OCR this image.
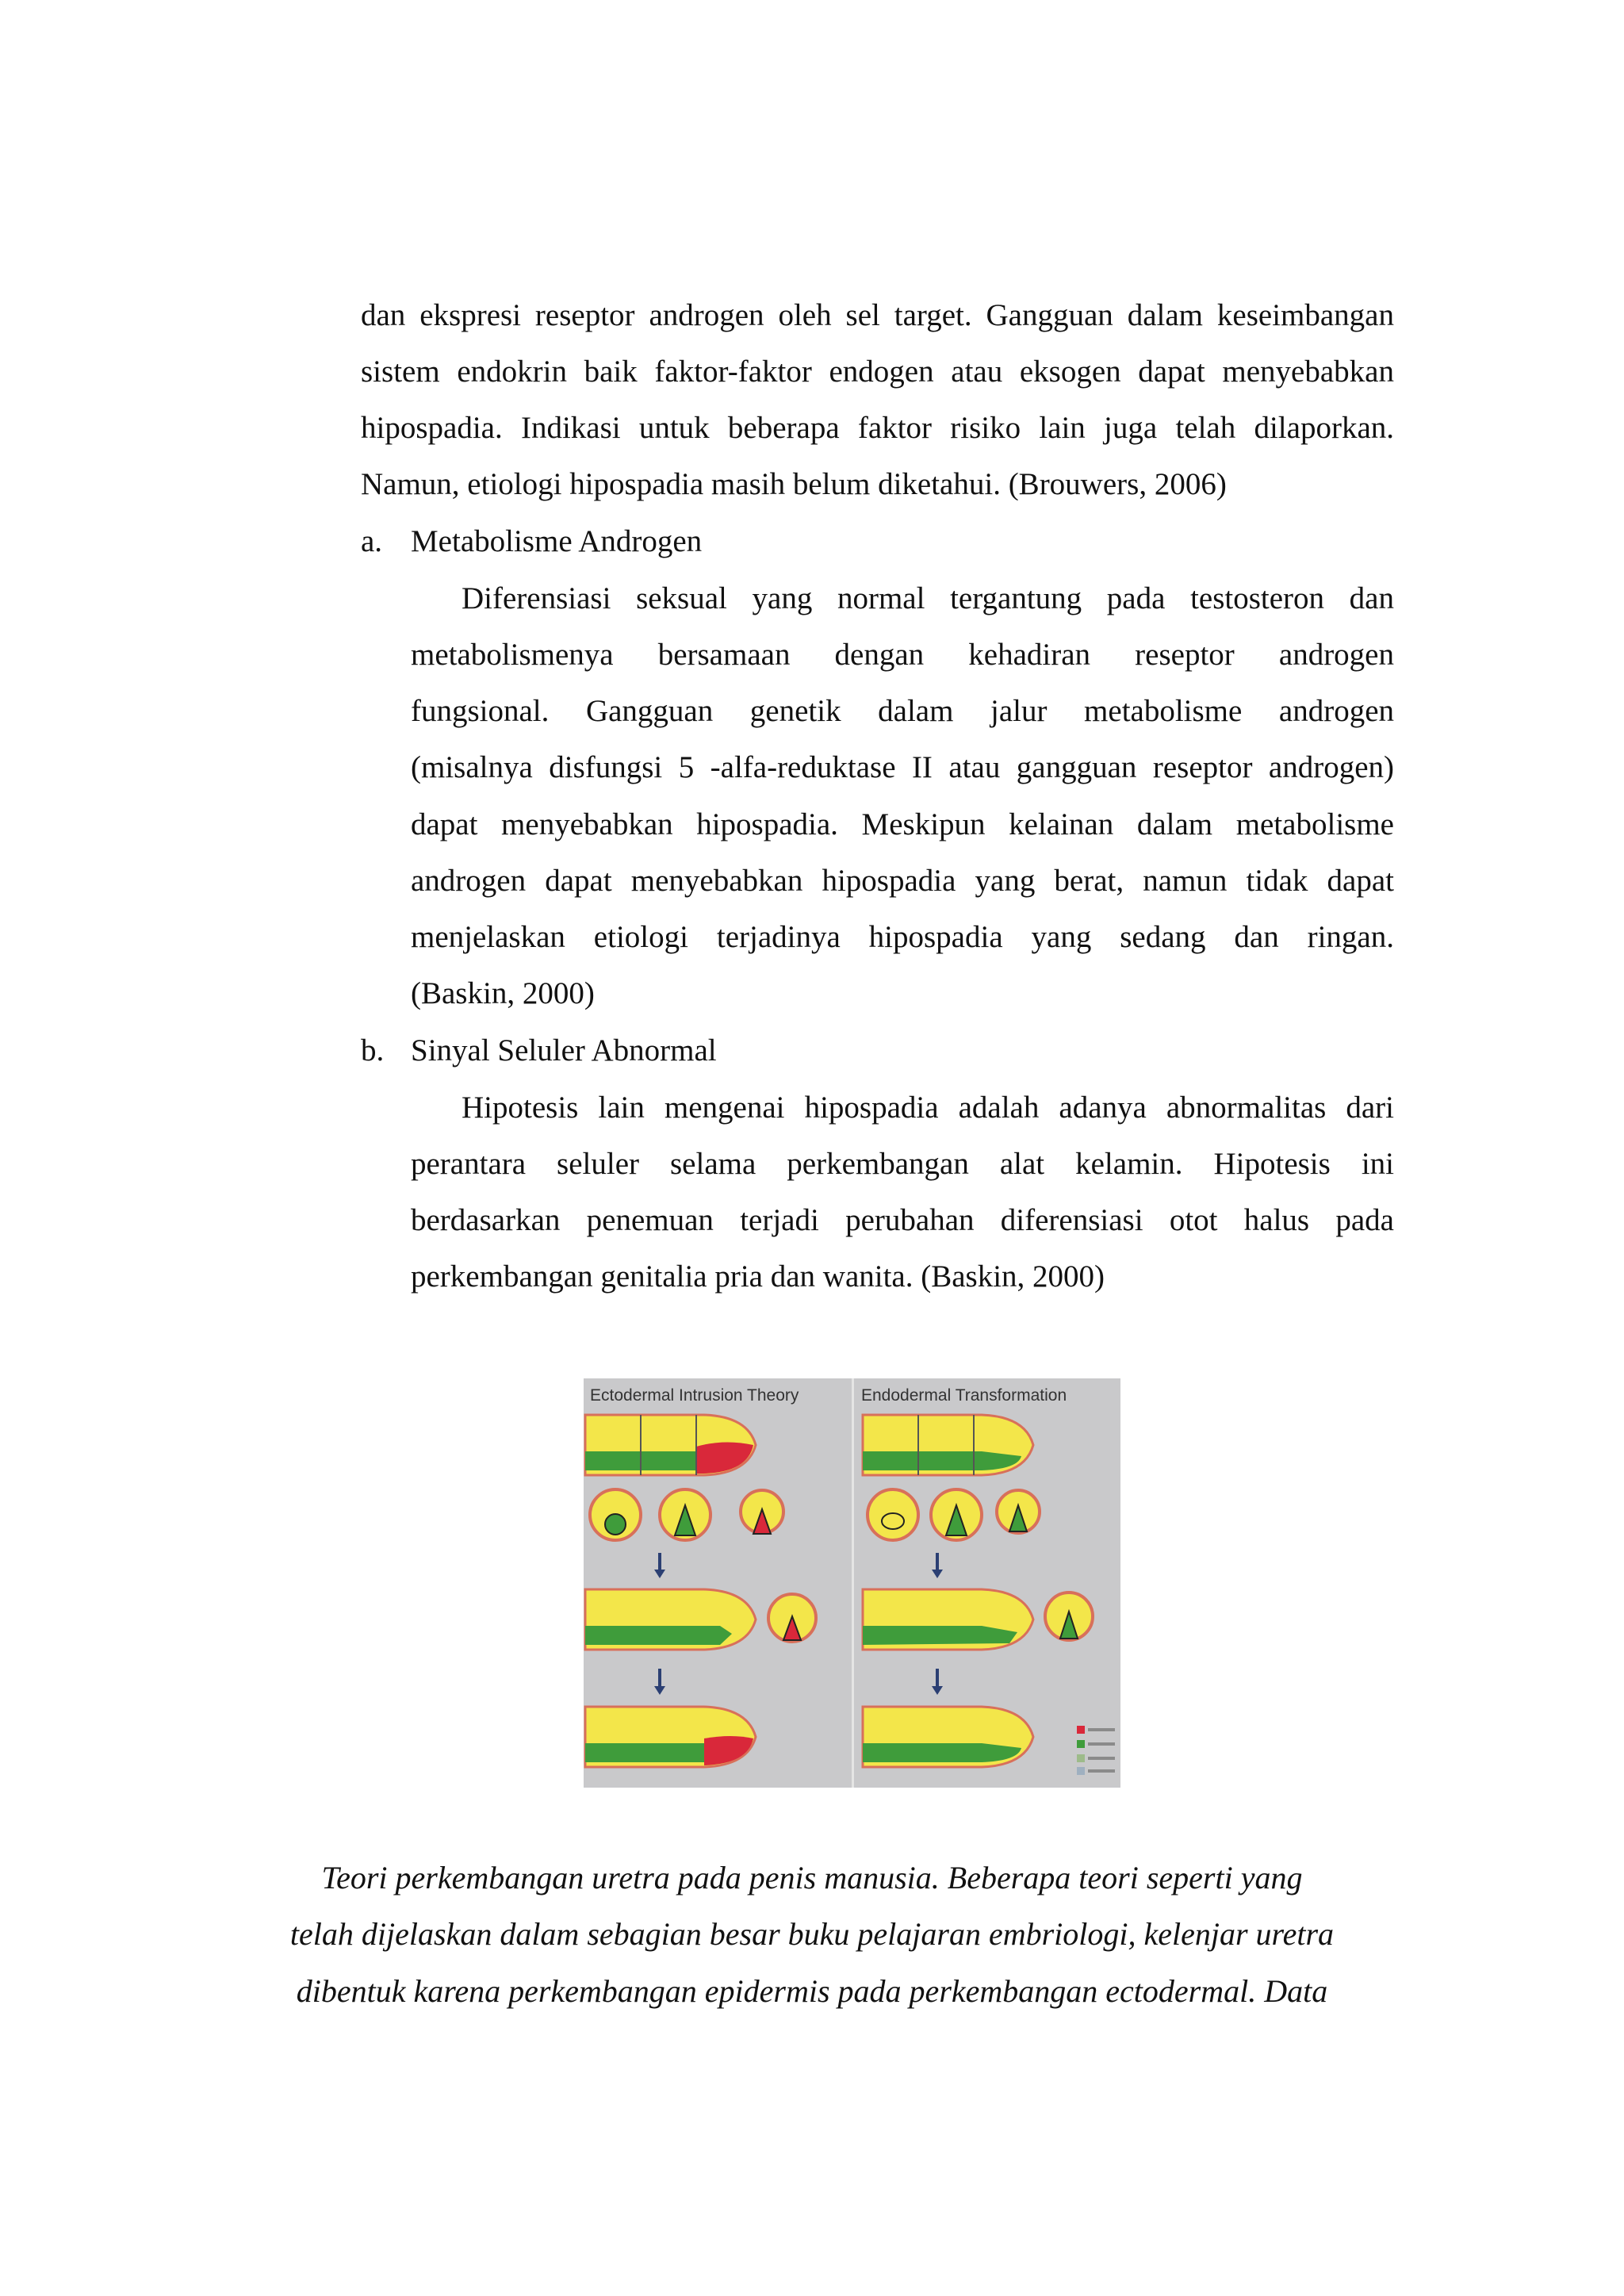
dan ekspresi reseptor androgen oleh sel target. Gangguan dalam keseimbangan
sistem endokrin baik faktor-faktor endogen atau eksogen dapat menyebabkan
hipospadia. Indikasi untuk beberapa faktor risiko lain juga telah dilaporkan.
Namun, etiologi hipospadia masih belum diketahui. (Brouwers, 2006)
a. Metabolisme Androgen
Diferensiasi seksual yang normal tergantung pada testosteron dan
metabolismenya bersamaan dengan kehadiran reseptor androgen
fungsional. Gangguan genetik dalam jalur metabolisme androgen
(misalnya disfungsi 5 -alfa-reduktase II atau gangguan reseptor androgen)
dapat menyebabkan hipospadia. Meskipun kelainan dalam metabolisme
androgen dapat menyebabkan hipospadia yang berat, namun tidak dapat
menjelaskan etiologi terjadinya hipospadia yang sedang dan ringan.
(Baskin, 2000)
b. Sinyal Seluler Abnormal
Hipotesis lain mengenai hipospadia adalah adanya abnormalitas dari
perantara seluler selama perkembangan alat kelamin. Hipotesis ini
berdasarkan penemuan terjadi perubahan diferensiasi otot halus pada
perkembangan genitalia pria dan wanita. (Baskin, 2000)
Ectodermal Intrusion Theory	Endodermal Transformation
Teori perkembangan uretra pada penis manusia. Beberapa teori seperti yang
telah dijelaskan dalam sebagian besar buku pelajaran embriologi, kelenjar uretra
dibentuk karena perkembangan epidermis pada perkembangan ectodermal. Data
